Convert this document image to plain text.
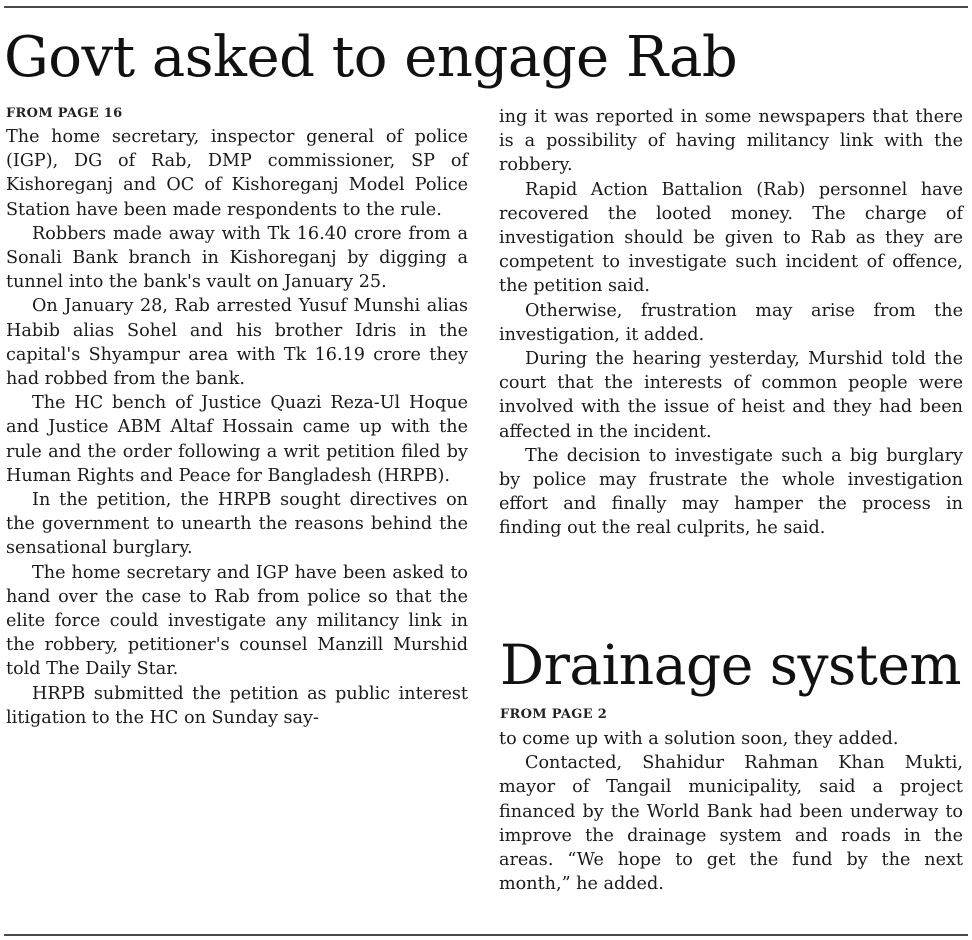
Govt asked to engage Rab
FROM PAGE 16

The home secretary, inspector general of police (IGP), DG of Rab, DMP commissioner, SP of Kishoreganj and OC of Kishoreganj Model Police Station have been made respondents to the rule.

Robbers made away with Tk 16.40 crore from a Sonali Bank branch in Kishoreganj by digging a tunnel into the bank's vault on January 25.

On January 28, Rab arrested Yusuf Munshi alias Habib alias Sohel and his brother Idris in the capital's Shyampur area with Tk 16.19 crore they had robbed from the bank.

The HC bench of Justice Quazi Reza-Ul Hoque and Justice ABM Altaf Hossain came up with the rule and the order following a writ petition filed by Human Rights and Peace for Bangladesh (HRPB).

In the petition, the HRPB sought directives on the government to unearth the reasons behind the sensational burglary.

The home secretary and IGP have been asked to hand over the case to Rab from police so that the elite force could investigate any militancy link in the robbery, petitioner's counsel Manzill Murshid told The Daily Star.

HRPB submitted the petition as public interest litigation to the HC on Sunday say-

ing it was reported in some newspapers that there is a possibility of having militancy link with the robbery.

Rapid Action Battalion (Rab) personnel have recovered the looted money. The charge of investigation should be given to Rab as they are competent to investigate such incident of offence, the petition said.

Otherwise, frustration may arise from the investigation, it added.

During the hearing yesterday, Murshid told the court that the interests of common people were involved with the issue of heist and they had been affected in the incident.

The decision to investigate such a big burglary by police may frustrate the whole investigation effort and finally may hamper the process in finding out the real culprits, he said.

Drainage system
FROM PAGE 2

to come up with a solution soon, they added.

Contacted, Shahidur Rahman Khan Mukti, mayor of Tangail municipality, said a project financed by the World Bank had been underway to improve the drainage system and roads in the areas. “We hope to get the fund by the next month,” he added.
